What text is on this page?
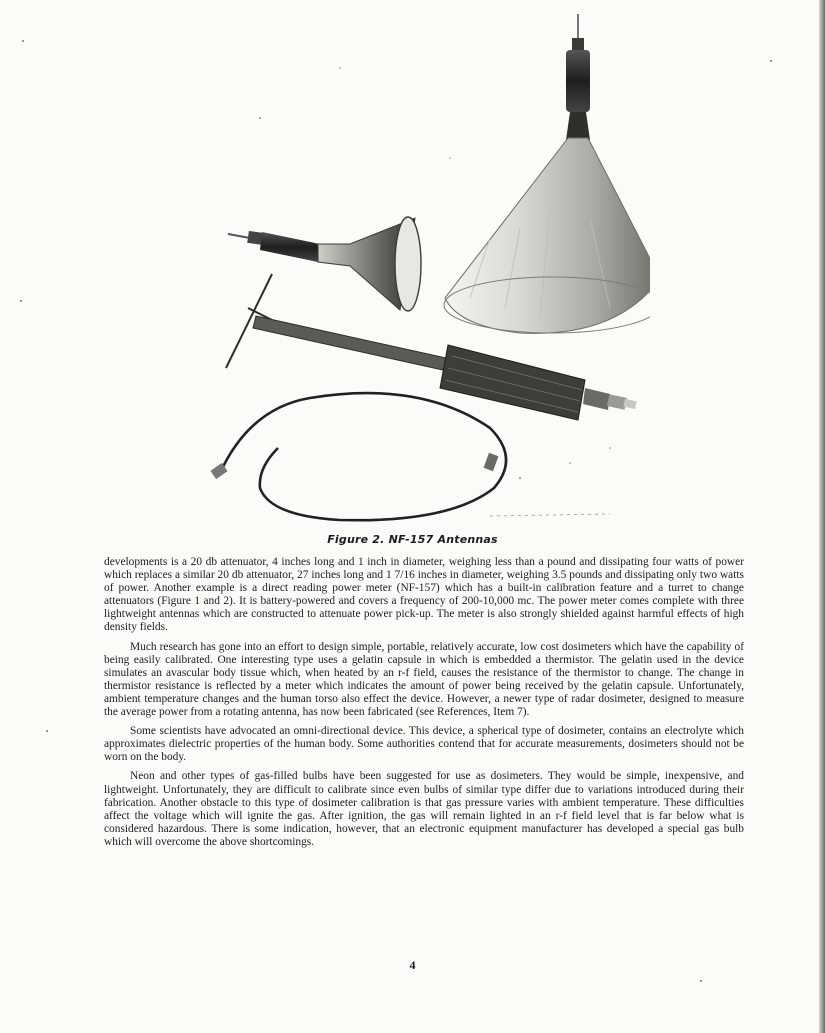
Figure 2. NF-157 Antennas

developments is a 20 db attenuator, 4 inches long and 1 inch in diameter, weighing less than a pound and dissipating four watts of power which replaces a similar 20 db attenuator, 27 inches long and 1 7/16 inches in diameter, weighing 3.5 pounds and dissipating only two watts of power. Another example is a direct reading power meter (NF-157) which has a built-in calibration feature and a turret to change attenuators (Figure 1 and 2). It is battery-powered and covers a frequency of 200-10,000 mc. The power meter comes complete with three lightweight antennas which are constructed to attenuate power pick-up. The meter is also strongly shielded against harmful effects of high density fields.

Much research has gone into an effort to design simple, portable, relatively accurate, low cost dosimeters which have the capability of being easily calibrated. One interesting type uses a gelatin capsule in which is embedded a thermistor. The gelatin used in the device simulates an avascular body tissue which, when heated by an r-f field, causes the resistance of the thermistor to change. The change in thermistor resistance is reflected by a meter which indicates the amount of power being received by the gelatin capsule. Unfortunately, ambient temperature changes and the human torso also effect the device. However, a newer type of radar dosimeter, designed to measure the average power from a rotating antenna, has now been fabricated (see References, Item 7).

Some scientists have advocated an omni-directional device. This device, a spherical type of dosimeter, contains an electrolyte which approximates dielectric properties of the human body. Some authorities contend that for accurate measurements, dosimeters should not be worn on the body.

Neon and other types of gas-filled bulbs have been suggested for use as dosimeters. They would be simple, inexpensive, and lightweight. Unfortunately, they are difficult to calibrate since even bulbs of similar type differ due to variations introduced during their fabrication. Another obstacle to this type of dosimeter calibration is that gas pressure varies with ambient temperature. These difficulties affect the voltage which will ignite the gas. After ignition, the gas will remain lighted in an r-f field level that is far below what is considered hazardous. There is some indication, however, that an electronic equipment manufacturer has developed a special gas bulb which will overcome the above shortcomings.

4
